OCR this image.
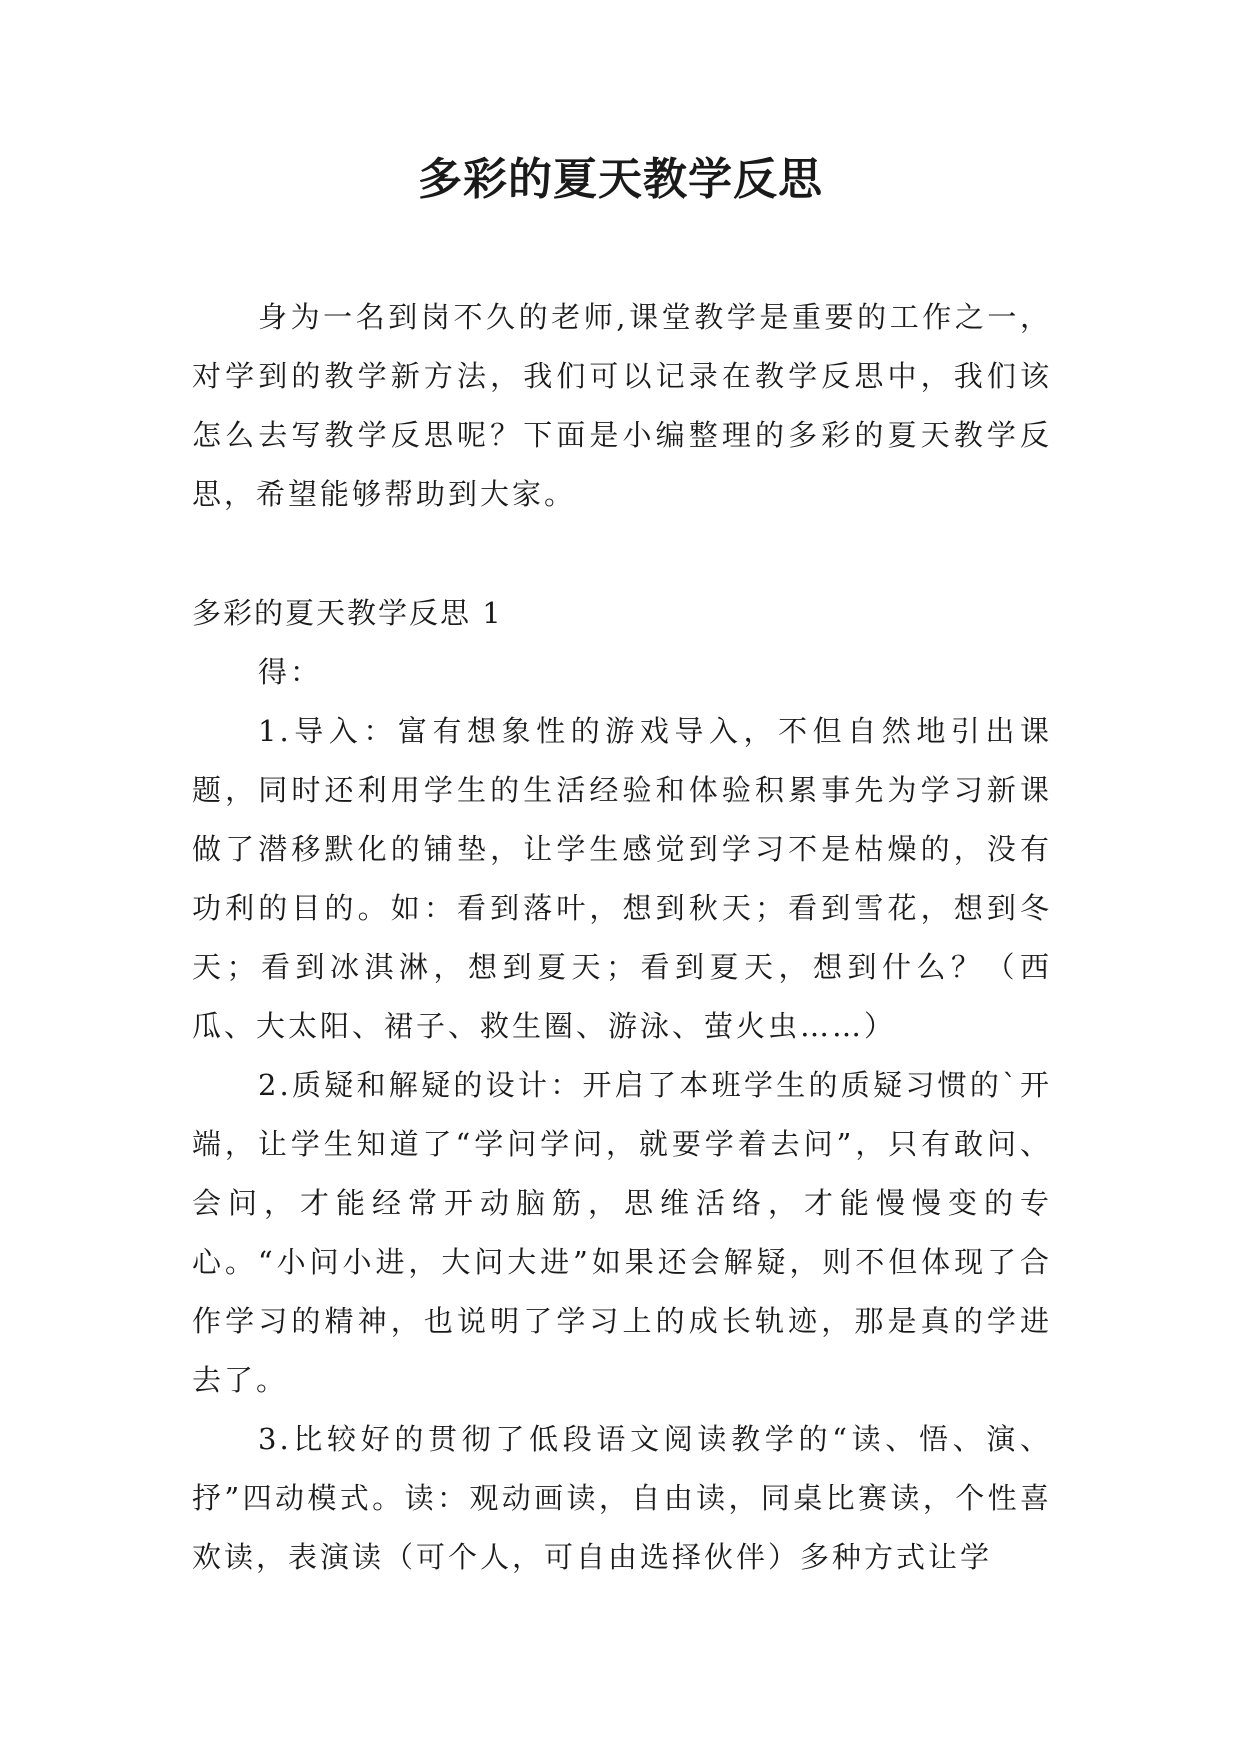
多彩的夏天教学反思

身为一名到岗不久的老师,课堂教学是重要的工作之一，对学到的教学新方法，我们可以记录在教学反思中，我们该怎么去写教学反思呢？下面是小编整理的多彩的夏天教学反思，希望能够帮助到大家。

多彩的夏天教学反思 1

得：

1.导入：富有想象性的游戏导入，不但自然地引出课题，同时还利用学生的生活经验和体验积累事先为学习新课做了潜移默化的铺垫，让学生感觉到学习不是枯燥的，没有功利的目的。如：看到落叶，想到秋天；看到雪花，想到冬天；看到冰淇淋，想到夏天；看到夏天，想到什么？（西瓜、大太阳、裙子、救生圈、游泳、萤火虫……）

2.质疑和解疑的设计：开启了本班学生的质疑习惯的`开端，让学生知道了“学问学问，就要学着去问”，只有敢问、会问，才能经常开动脑筋，思维活络，才能慢慢变的专心。“小问小进，大问大进”如果还会解疑，则不但体现了合作学习的精神，也说明了学习上的成长轨迹，那是真的学进去了。

3.比较好的贯彻了低段语文阅读教学的“读、悟、演、抒”四动模式。读：观动画读，自由读，同桌比赛读，个性喜欢读，表演读（可个人，可自由选择伙伴）多种方式让学
